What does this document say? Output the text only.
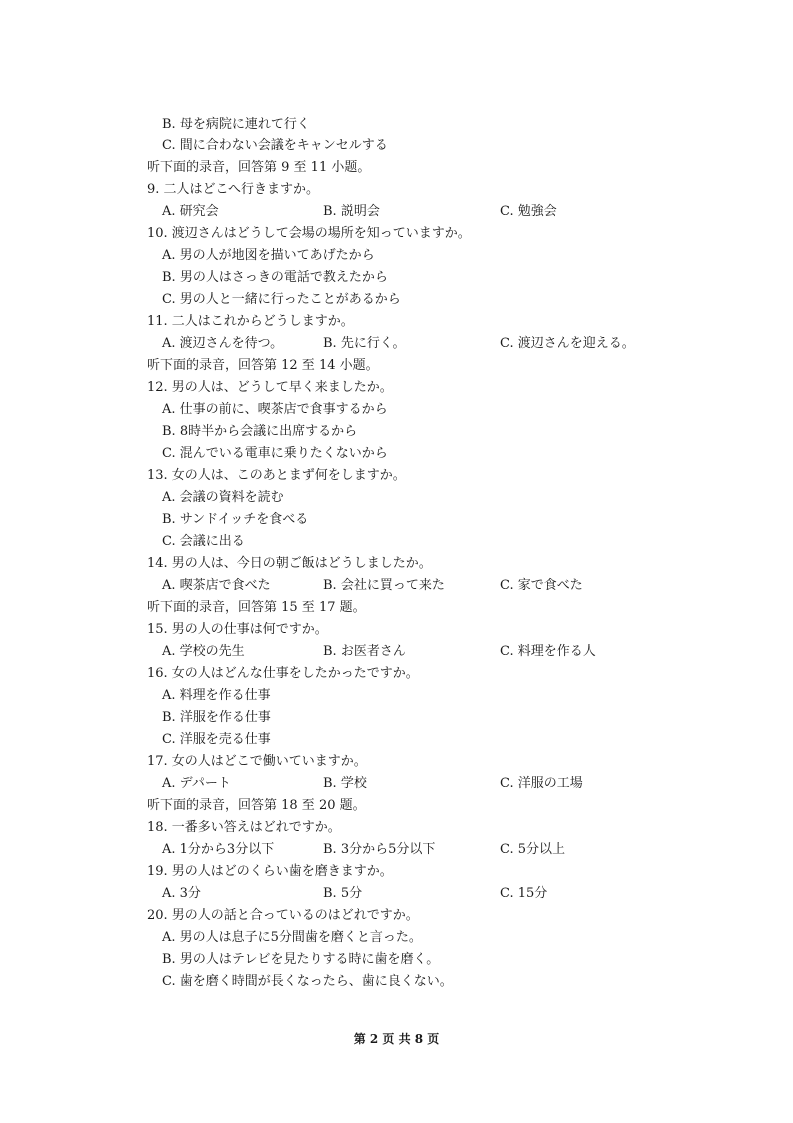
B. 母を病院に連れて行く
C. 間に合わない会議をキャンセルする
听下面的录音，回答第 9 至 11 小题。
9. 二人はどこへ行きますか。
A. 研究会	B. 説明会	C. 勉強会
10. 渡辺さんはどうして会場の場所を知っていますか。
A. 男の人が地図を描いてあげたから
B. 男の人はさっきの電話で教えたから
C. 男の人と一緒に行ったことがあるから
11. 二人はこれからどうしますか。
A. 渡辺さんを待つ。	B. 先に行く。	C. 渡辺さんを迎える。
听下面的录音，回答第 12 至 14 小题。
12. 男の人は、どうして早く来ましたか。
A. 仕事の前に、喫茶店で食事するから
B. 8時半から会議に出席するから
C. 混んでいる電車に乗りたくないから
13. 女の人は、このあとまず何をしますか。
A. 会議の資料を読む
B. サンドイッチを食べる
C. 会議に出る
14. 男の人は、今日の朝ご飯はどうしましたか。
A. 喫茶店で食べた	B. 会社に買って来た	C. 家で食べた
听下面的录音，回答第 15 至 17 题。
15. 男の人の仕事は何ですか。
A. 学校の先生	B. お医者さん	C. 料理を作る人
16. 女の人はどんな仕事をしたかったですか。
A. 料理を作る仕事
B. 洋服を作る仕事
C. 洋服を売る仕事
17. 女の人はどこで働いていますか。
A. デパート	B. 学校	C. 洋服の工場
听下面的录音，回答第 18 至 20 题。
18. 一番多い答えはどれですか。
A. 1分から3分以下	B. 3分から5分以下	C. 5分以上
19. 男の人はどのくらい歯を磨きますか。
A. 3分	B. 5分	C. 15分
20. 男の人の話と合っているのはどれですか。
A. 男の人は息子に5分間歯を磨くと言った。
B. 男の人はテレビを見たりする時に歯を磨く。
C. 歯を磨く時間が長くなったら、歯に良くない。
第 2 页 共 8 页
